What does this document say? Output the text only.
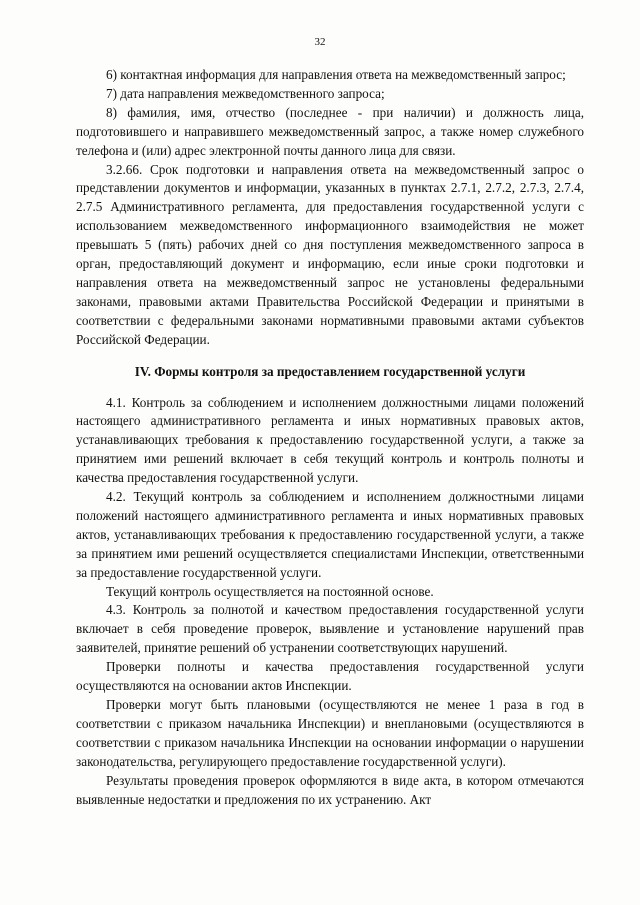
32

6) контактная информация для направления ответа на межведомственный запрос;

7) дата направления межведомственного запроса;

8) фамилия, имя, отчество (последнее - при наличии) и должность лица, подготовившего и направившего межведомственный запрос, а также номер служебного телефона и (или) адрес электронной почты данного лица для связи.

3.2.66. Срок подготовки и направления ответа на межведомственный запрос о представлении документов и информации, указанных в пунктах 2.7.1, 2.7.2, 2.7.3, 2.7.4, 2.7.5 Административного регламента, для предоставления государственной услуги с использованием межведомственного информационного взаимодействия не может превышать 5 (пять) рабочих дней со дня поступления межведомственного запроса в орган, предоставляющий документ и информацию, если иные сроки подготовки и направления ответа на межведомственный запрос не установлены федеральными законами, правовыми актами Правительства Российской Федерации и принятыми в соответствии с федеральными законами нормативными правовыми актами субъектов Российской Федерации.

IV. Формы контроля за предоставлением государственной услуги

4.1. Контроль за соблюдением и исполнением должностными лицами положений настоящего административного регламента и иных нормативных правовых актов, устанавливающих требования к предоставлению государственной услуги, а также за принятием ими решений включает в себя текущий контроль и контроль полноты и качества предоставления государственной услуги.

4.2. Текущий контроль за соблюдением и исполнением должностными лицами положений настоящего административного регламента и иных нормативных правовых актов, устанавливающих требования к предоставлению государственной услуги, а также за принятием ими решений осуществляется специалистами Инспекции, ответственными за предоставление государственной услуги.

Текущий контроль осуществляется на постоянной основе.

4.3. Контроль за полнотой и качеством предоставления государственной услуги включает в себя проведение проверок, выявление и установление нарушений прав заявителей, принятие решений об устранении соответствующих нарушений.

Проверки полноты и качества предоставления государственной услуги осуществляются на основании актов Инспекции.

Проверки могут быть плановыми (осуществляются не менее 1 раза в год в соответствии с приказом начальника Инспекции) и внеплановыми (осуществляются в соответствии с приказом начальника Инспекции на основании информации о нарушении законодательства, регулирующего предоставление государственной услуги).

Результаты проведения проверок оформляются в виде акта, в котором отмечаются выявленные недостатки и предложения по их устранению. Акт
